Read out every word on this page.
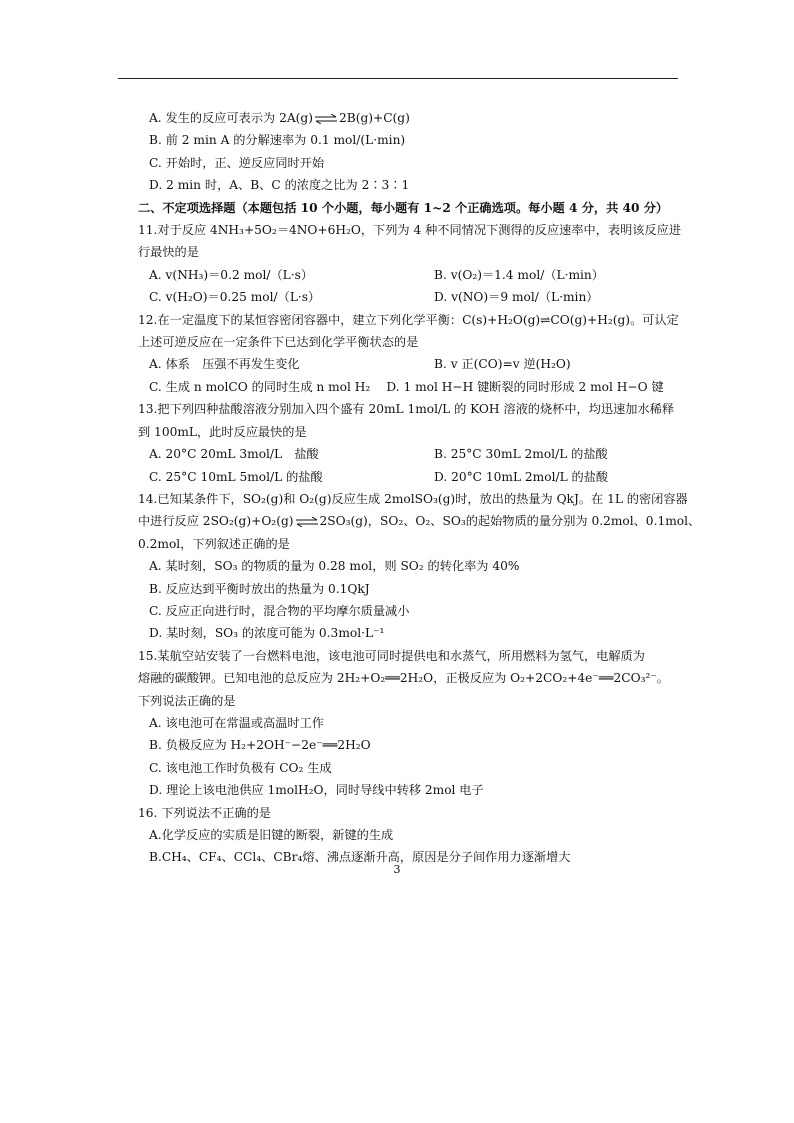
A. 发生的反应可表示为 2A(g)⇌2B(g)+C(g)
B. 前 2 min A 的分解速率为 0.1 mol/(L·min)
C. 开始时，正、逆反应同时开始
D. 2 min 时，A、B、C 的浓度之比为 2∶3∶1
二、不定项选择题（本题包括 10 个小题，每小题有 1~2 个正确选项。每小题 4 分，共 40 分）
11.对于反应 4NH₃+5O₂＝4NO+6H₂O，下列为 4 种不同情况下测得的反应速率中，表明该反应进
行最快的是
A. v(NH₃)＝0.2 mol/（L·s）	B. v(O₂)＝1.4 mol/（L·min）
C. v(H₂O)＝0.25 mol/（L·s）	D. v(NO)＝9 mol/（L·min）
12.在一定温度下的某恒容密闭容器中，建立下列化学平衡：C(s)+H₂O(g)⇌CO(g)+H₂(g)。可认定
上述可逆反应在一定条件下已达到化学平衡状态的是
A. 体系　压强不再发生变化	B. v 正(CO)=v 逆(H₂O)
C. 生成 n molCO 的同时生成 n mol H₂　 D. 1 mol H−H 键断裂的同时形成 2 mol H−O 键
13.把下列四种盐酸溶液分别加入四个盛有 20mL 1mol/L 的 KOH 溶液的烧杯中，均迅速加水稀释
到 100mL，此时反应最快的是
A. 20°C 20mL 3mol/L　盐酸	B. 25°C 30mL 2mol/L 的盐酸
C. 25°C 10mL 5mol/L 的盐酸	D. 20°C 10mL 2mol/L 的盐酸
14.已知某条件下，SO₂(g)和 O₂(g)反应生成 2molSO₃(g)时，放出的热量为 QkJ。在 1L 的密闭容器
中进行反应 2SO₂(g)+O₂(g)⇌2SO₃(g)，SO₂、O₂、SO₃的起始物质的量分别为 0.2mol、0.1mol、
0.2mol，下列叙述正确的是
A. 某时刻，SO₃ 的物质的量为 0.28 mol，则 SO₂ 的转化率为 40%
B. 反应达到平衡时放出的热量为 0.1QkJ
C. 反应正向进行时，混合物的平均摩尔质量减小
D. 某时刻，SO₃ 的浓度可能为 0.3mol·L⁻¹
15.某航空站安装了一台燃料电池，该电池可同时提供电和水蒸气，所用燃料为氢气，电解质为
熔融的碳酸钾。已知电池的总反应为 2H₂+O₂══2H₂O，正极反应为 O₂+2CO₂+4e⁻══2CO₃²⁻。
下列说法正确的是
A. 该电池可在常温或高温时工作
B. 负极反应为 H₂+2OH⁻−2e⁻══2H₂O
C. 该电池工作时负极有 CO₂ 生成
D. 理论上该电池供应 1molH₂O，同时导线中转移 2mol 电子
16. 下列说法不正确的是
A.化学反应的实质是旧键的断裂，新键的生成
B.CH₄、CF₄、CCl₄、CBr₄熔、沸点逐渐升高，原因是分子间作用力逐渐增大
3
